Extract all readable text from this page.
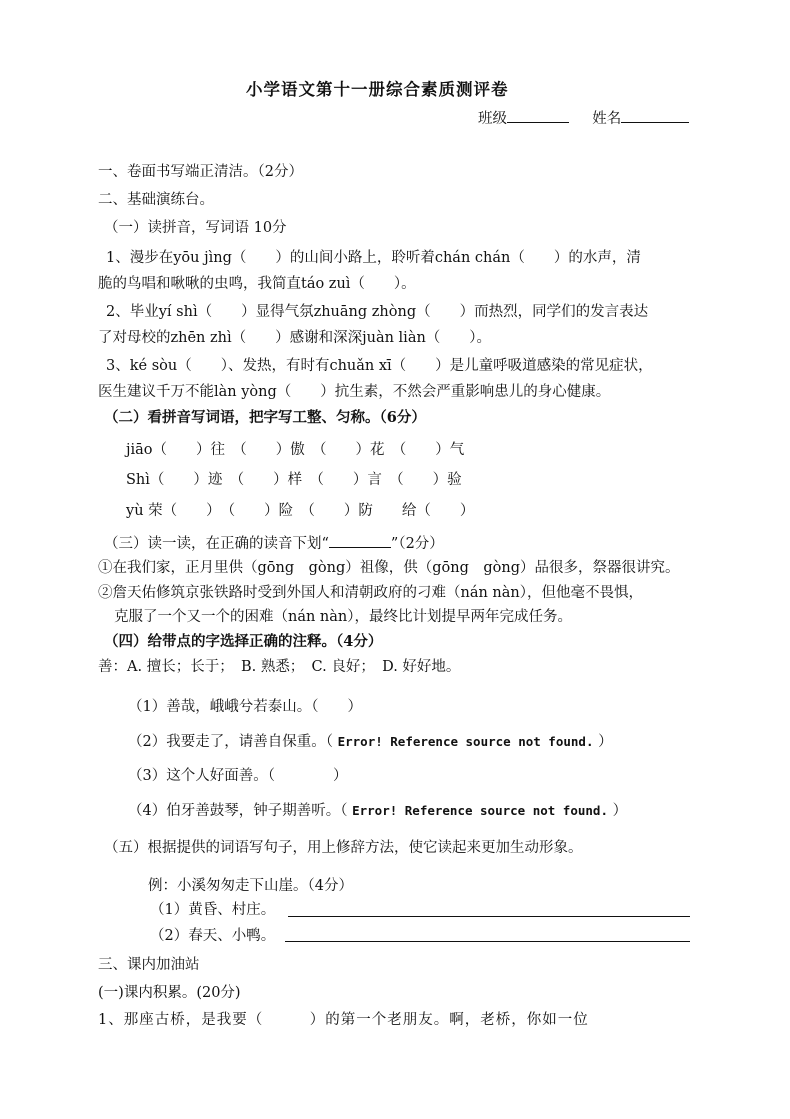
小学语文第十一册综合素质测评卷
班级	姓名
一、卷面书写端正清洁。（2分）
二、基础演练台。
（一）读拼音，写词语 10分
1、漫步在yōu jìng（　　）的山间小路上，聆听着chán chán（　　）的水声，清
脆的鸟唱和啾啾的虫鸣，我简直táo zuì（　　）。
2、毕业yí shì（　　）显得气氛zhuāng zhòng（　　）而热烈，同学们的发言表达
了对母校的zhēn zhì（　　）感谢和深深juàn liàn（　　）。
3、ké sòu（　　）、发热，有时有chuǎn xī（　　）是儿童呼吸道感染的常见症状，
医生建议千万不能làn yòng（　　）抗生素，不然会严重影响患儿的身心健康。
（二）看拼音写词语，把字写工整、匀称。（6分）
jiāo（　　）往　（　　）傲　（　　）花　（　　）气
Shì（　　）迹　（　　）样　（　　）言　（　　）验
yù 荣（　　）　（　　）险　（　　）防　　给（　　）
（三）读一读，在正确的读音下划“	”（2分）
①在我们家，正月里供（gōng　gòng）祖像，供（gōng　gòng）品很多，祭器很讲究。
②詹天佑修筑京张铁路时受到外国人和清朝政府的刁难（nán nàn），但他毫不畏惧，
克服了一个又一个的困难（nán nàn），最终比计划提早两年完成任务。
（四）给带点的字选择正确的注释。（4分）
善：A. 擅长；长于；　B. 熟悉；　C. 良好；　D. 好好地。
（1）善哉，峨峨兮若泰山。（　　）
（2）我要走了，请善自保重。（ Error! Reference source not found. ）
（3）这个人好面善。（　　　　）
（4）伯牙善鼓琴，钟子期善听。（ Error! Reference source not found. ）
（五）根据提供的词语写句子，用上修辞方法，使它读起来更加生动形象。
例：小溪匆匆走下山崖。（4分）
（1）黄昏、村庄。
（2）春天、小鸭。
三、课内加油站
(一)课内积累。(20分)
1、那座古桥，是我要（　　　）的第一个老朋友。啊，老桥，你如一位
